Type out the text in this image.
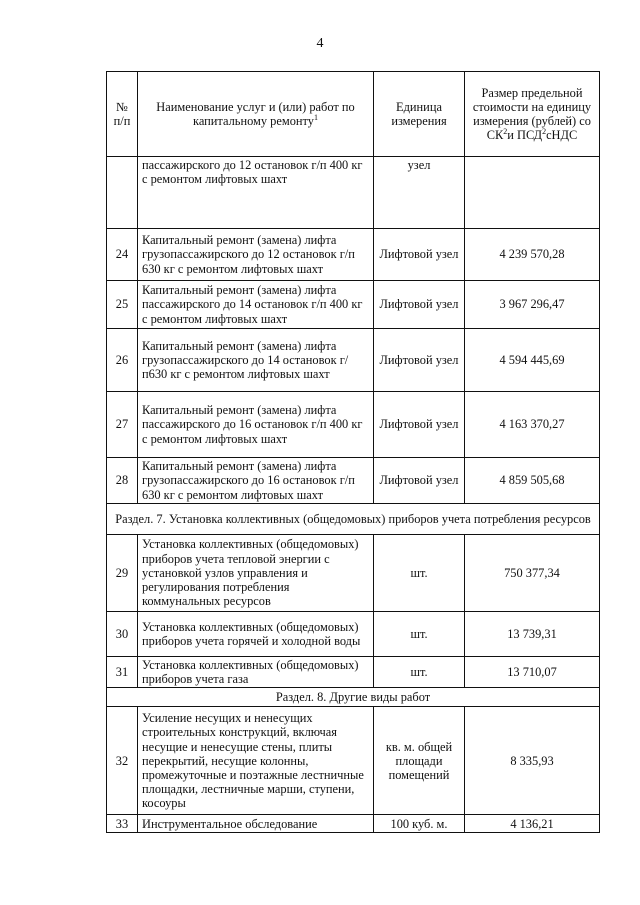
4
№ п/п	Наименование услуг и (или) работ по капитальному ремонту$^1$	Единица измерения	Размер предельной стоимости на единицу измерения (рублей) со $СК^2и$ ПСД$^2$сНДС
	пассажирского до 12 остановок г/п 400 кг с ремонтом лифтовых шахт	узел	
24	Капитальный ремонт (замена) лифта грузопассажирского до 12 остановок г/п 630 кг с ремонтом лифтовых шахт	Лифтовой узел	4 239 570,28
25	Капитальный ремонт (замена) лифта пассажирского до 14 остановок г/п 400 кг с ремонтом лифтовых шахт	Лифтовой узел	3 967 296,47
26	Капитальный ремонт (замена) лифта грузопассажирского до 14 остановок г/п630 кг с ремонтом лифтовых шахт	Лифтовой узел	4 594 445,69
27	Капитальный ремонт (замена) лифта пассажирского до 16 остановок г/п 400 кг с ремонтом лифтовых шахт	Лифтовой узел	4 163 370,27
28	Капитальный ремонт (замена) лифта грузопассажирского до 16 остановок г/п 630 кг с ремонтом лифтовых шахт	Лифтовой узел	4 859 505,68
Раздел. 7. Установка коллективных (общедомовых) приборов учета потребления ресурсов			
29	Установка коллективных (общедомовых) приборов учета тепловой энергии с установкой узлов управления и регулирования потребления коммунальных ресурсов	шт.	750 377,34
30	Установка коллективных (общедомовых) приборов учета горячей и холодной воды	шт.	13 739,31
31	Установка коллективных (общедомовых) приборов учета газа	шт.	13 710,07
Раздел. 8. Другие виды работ			
32	Усиление несущих и ненесущих строительных конструкций, включая несущие и ненесущие стены, плиты перекрытий, несущие колонны, промежуточные и поэтажные лестничные площадки, лестничные марши, ступени, косоуры	кв. м. общей площади помещений	8 335,93
33	Инструментальное обследование	100 куб. м.	4 136,21
